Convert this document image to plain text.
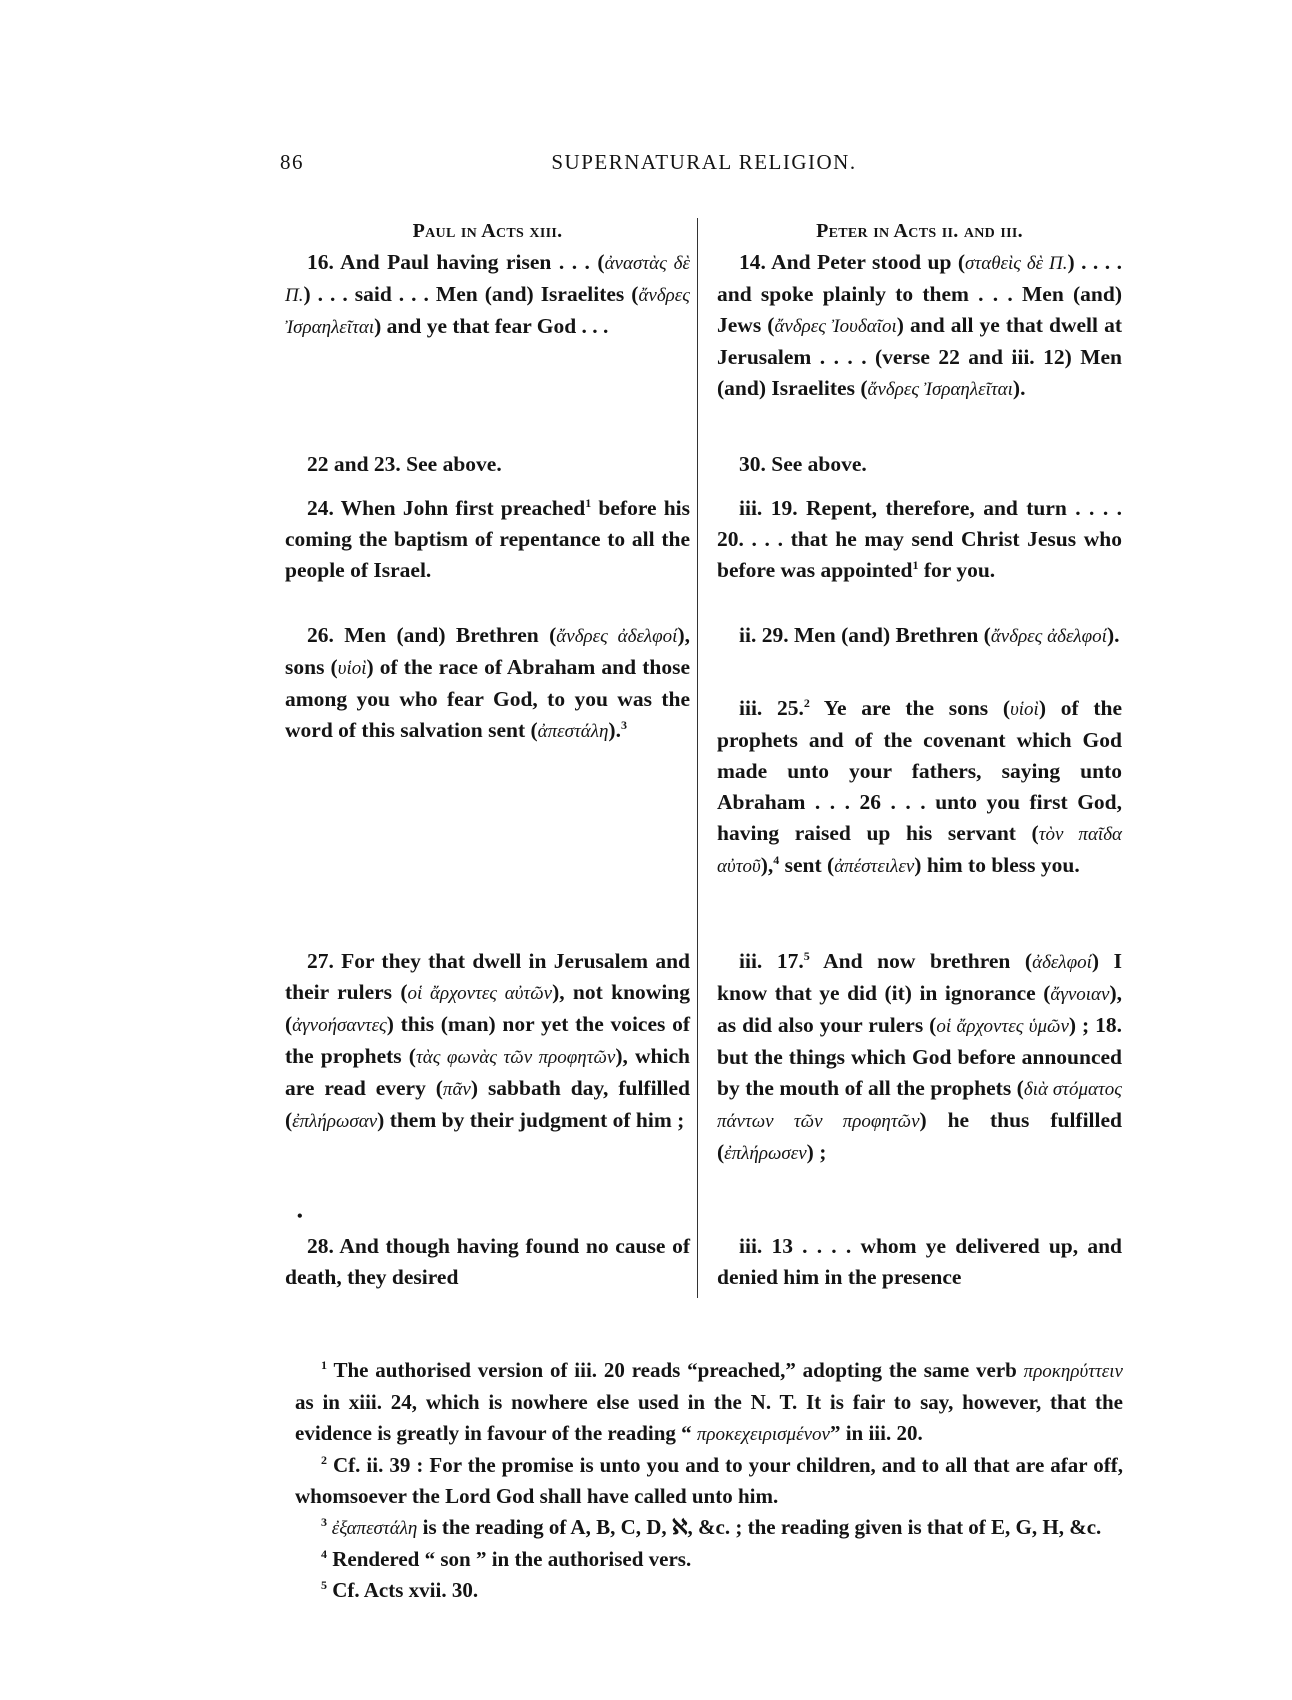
86	SUPERNATURAL RELIGION.
Paul in Acts xiii.
16. And Paul having risen . . . (ἀναστὰς δὲ Π.) . . . said . . . Men (and) Israelites (ἄνδρες Ἰσραηλεῖται) and ye that fear God . . .
22 and 23. See above.
24. When John first preached$^1$ before his coming the baptism of repentance to all the people of Israel.
26. Men (and) Brethren (ἄνδρες ἀδελφοί), sons (υἱοὶ) of the race of Abraham and those among you who fear God, to you was the word of this salvation sent (ἀπεστάλη).$^3$
27. For they that dwell in Jerusalem and their rulers (οἱ ἄρχοντες αὐτῶν), not knowing (ἀγνοήσαντες) this (man) nor yet the voices of the prophets (τὰς φωνὰς τῶν προφητῶν), which are read every (πᾶν) sabbath day, fulfilled (ἐπλήρωσαν) them by their judgment of him ;
•
28. And though having found no cause of death, they desired
Peter in Acts ii. and iii.
14. And Peter stood up (σταθεὶς δὲ Π.) . . . . and spoke plainly to them . . . Men (and) Jews (ἄνδρες Ἰουδαῖοι) and all ye that dwell at Jerusalem . . . . (verse 22 and iii. 12) Men (and) Israelites (ἄνδρες Ἰσραηλεῖται).
30. See above.
iii. 19. Repent, therefore, and turn . . . . 20. . . . that he may send Christ Jesus who before was appointed$^1$ for you.
ii. 29. Men (and) Brethren (ἄνδρες ἀδελφοί).
iii. 25.$^2$ Ye are the sons (υἱοὶ) of the prophets and of the covenant which God made unto your fathers, saying unto Abraham . . . 26 . . . unto you first God, having raised up his servant (τὸν παῖδα αὐτοῦ),$^4$ sent (ἀπέστειλεν) him to bless you.
iii. 17.$^5$ And now brethren (ἀδελφοί) I know that ye did (it) in ignorance (ἄγνοιαν), as did also your rulers (οἱ ἄρχοντες ὑμῶν) ; 18. but the things which God before announced by the mouth of all the prophets (διὰ στόματος πάντων τῶν προφητῶν) he thus fulfilled (ἐπλήρωσεν) ;
iii. 13 . . . . whom ye delivered up, and denied him in the presence
$^1$ The authorised version of iii. 20 reads “preached,” adopting the same verb προκηρύττειν as in xiii. 24, which is nowhere else used in the N. T. It is fair to say, however, that the evidence is greatly in favour of the reading “ προκεχειρισμένον” in iii. 20.
$^2$ Cf. ii. 39 : For the promise is unto you and to your children, and to all that are afar off, whomsoever the Lord God shall have called unto him.
$^3$ ἐξαπεστάλη is the reading of A, B, C, D, ℵ, &c. ; the reading given is that of E, G, H, &c.
$^4$ Rendered “ son ” in the authorised vers.
$^5$ Cf. Acts xvii. 30.
